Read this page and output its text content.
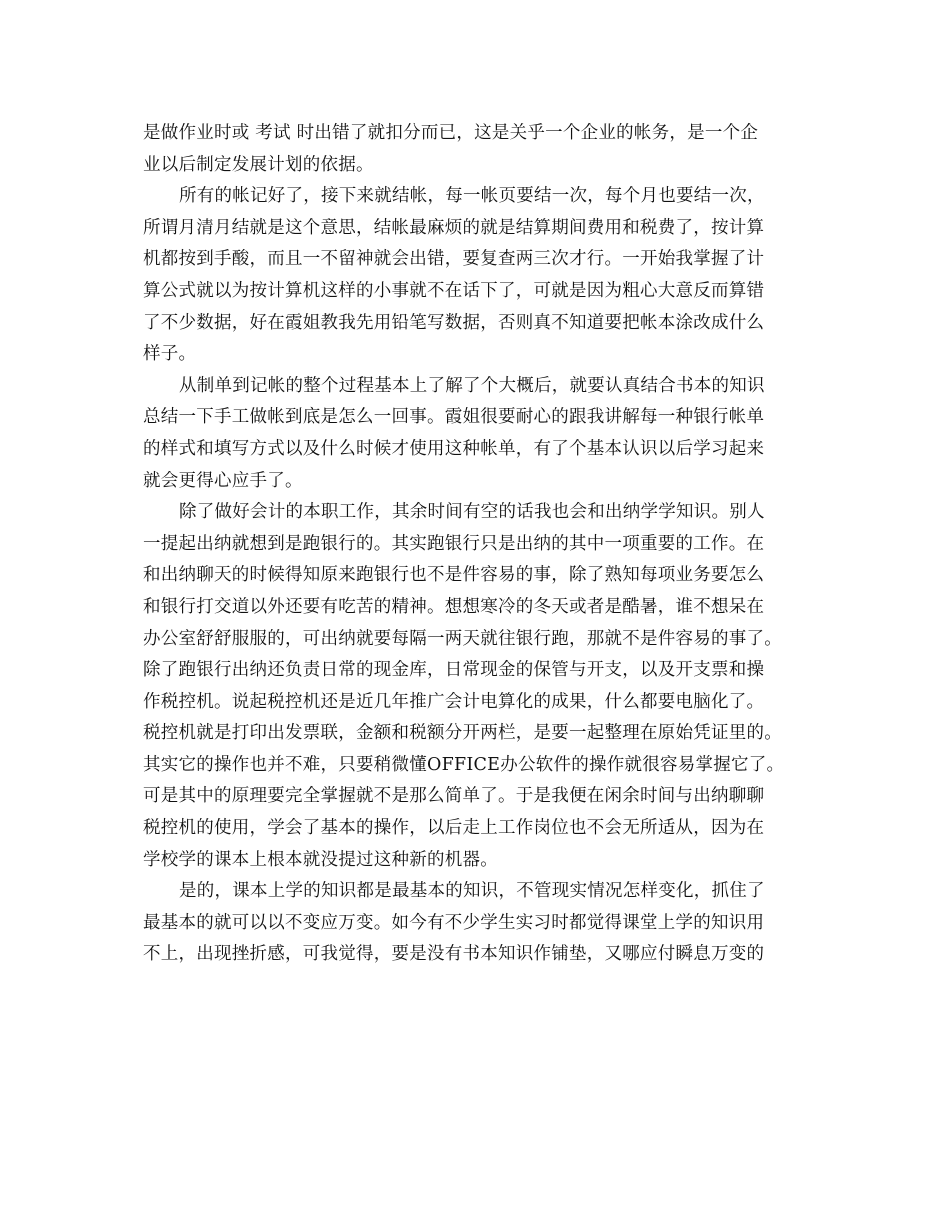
是做作业时或 考试 时出错了就扣分而已，这是关乎一个企业的帐务，是一个企
业以后制定发展计划的依据。
所有的帐记好了，接下来就结帐，每一帐页要结一次，每个月也要结一次，
所谓月清月结就是这个意思，结帐最麻烦的就是结算期间费用和税费了，按计算
机都按到手酸，而且一不留神就会出错，要复查两三次才行。一开始我掌握了计
算公式就以为按计算机这样的小事就不在话下了，可就是因为粗心大意反而算错
了不少数据，好在霞姐教我先用铅笔写数据，否则真不知道要把帐本涂改成什么
样子。
从制单到记帐的整个过程基本上了解了个大概后，就要认真结合书本的知识
总结一下手工做帐到底是怎么一回事。霞姐很要耐心的跟我讲解每一种银行帐单
的样式和填写方式以及什么时候才使用这种帐单，有了个基本认识以后学习起来
就会更得心应手了。
除了做好会计的本职工作，其余时间有空的话我也会和出纳学学知识。别人
一提起出纳就想到是跑银行的。其实跑银行只是出纳的其中一项重要的工作。在
和出纳聊天的时候得知原来跑银行也不是件容易的事，除了熟知每项业务要怎么
和银行打交道以外还要有吃苦的精神。想想寒冷的冬天或者是酷暑，谁不想呆在
办公室舒舒服服的，可出纳就要每隔一两天就往银行跑，那就不是件容易的事了。
除了跑银行出纳还负责日常的现金库，日常现金的保管与开支，以及开支票和操
作税控机。说起税控机还是近几年推广会计电算化的成果，什么都要电脑化了。
税控机就是打印出发票联，金额和税额分开两栏，是要一起整理在原始凭证里的。
其实它的操作也并不难，只要稍微懂OFFICE办公软件的操作就很容易掌握它了。
可是其中的原理要完全掌握就不是那么简单了。于是我便在闲余时间与出纳聊聊
税控机的使用，学会了基本的操作，以后走上工作岗位也不会无所适从，因为在
学校学的课本上根本就没提过这种新的机器。
是的，课本上学的知识都是最基本的知识，不管现实情况怎样变化，抓住了
最基本的就可以以不变应万变。如今有不少学生实习时都觉得课堂上学的知识用
不上，出现挫折感，可我觉得，要是没有书本知识作铺垫，又哪应付瞬息万变的
